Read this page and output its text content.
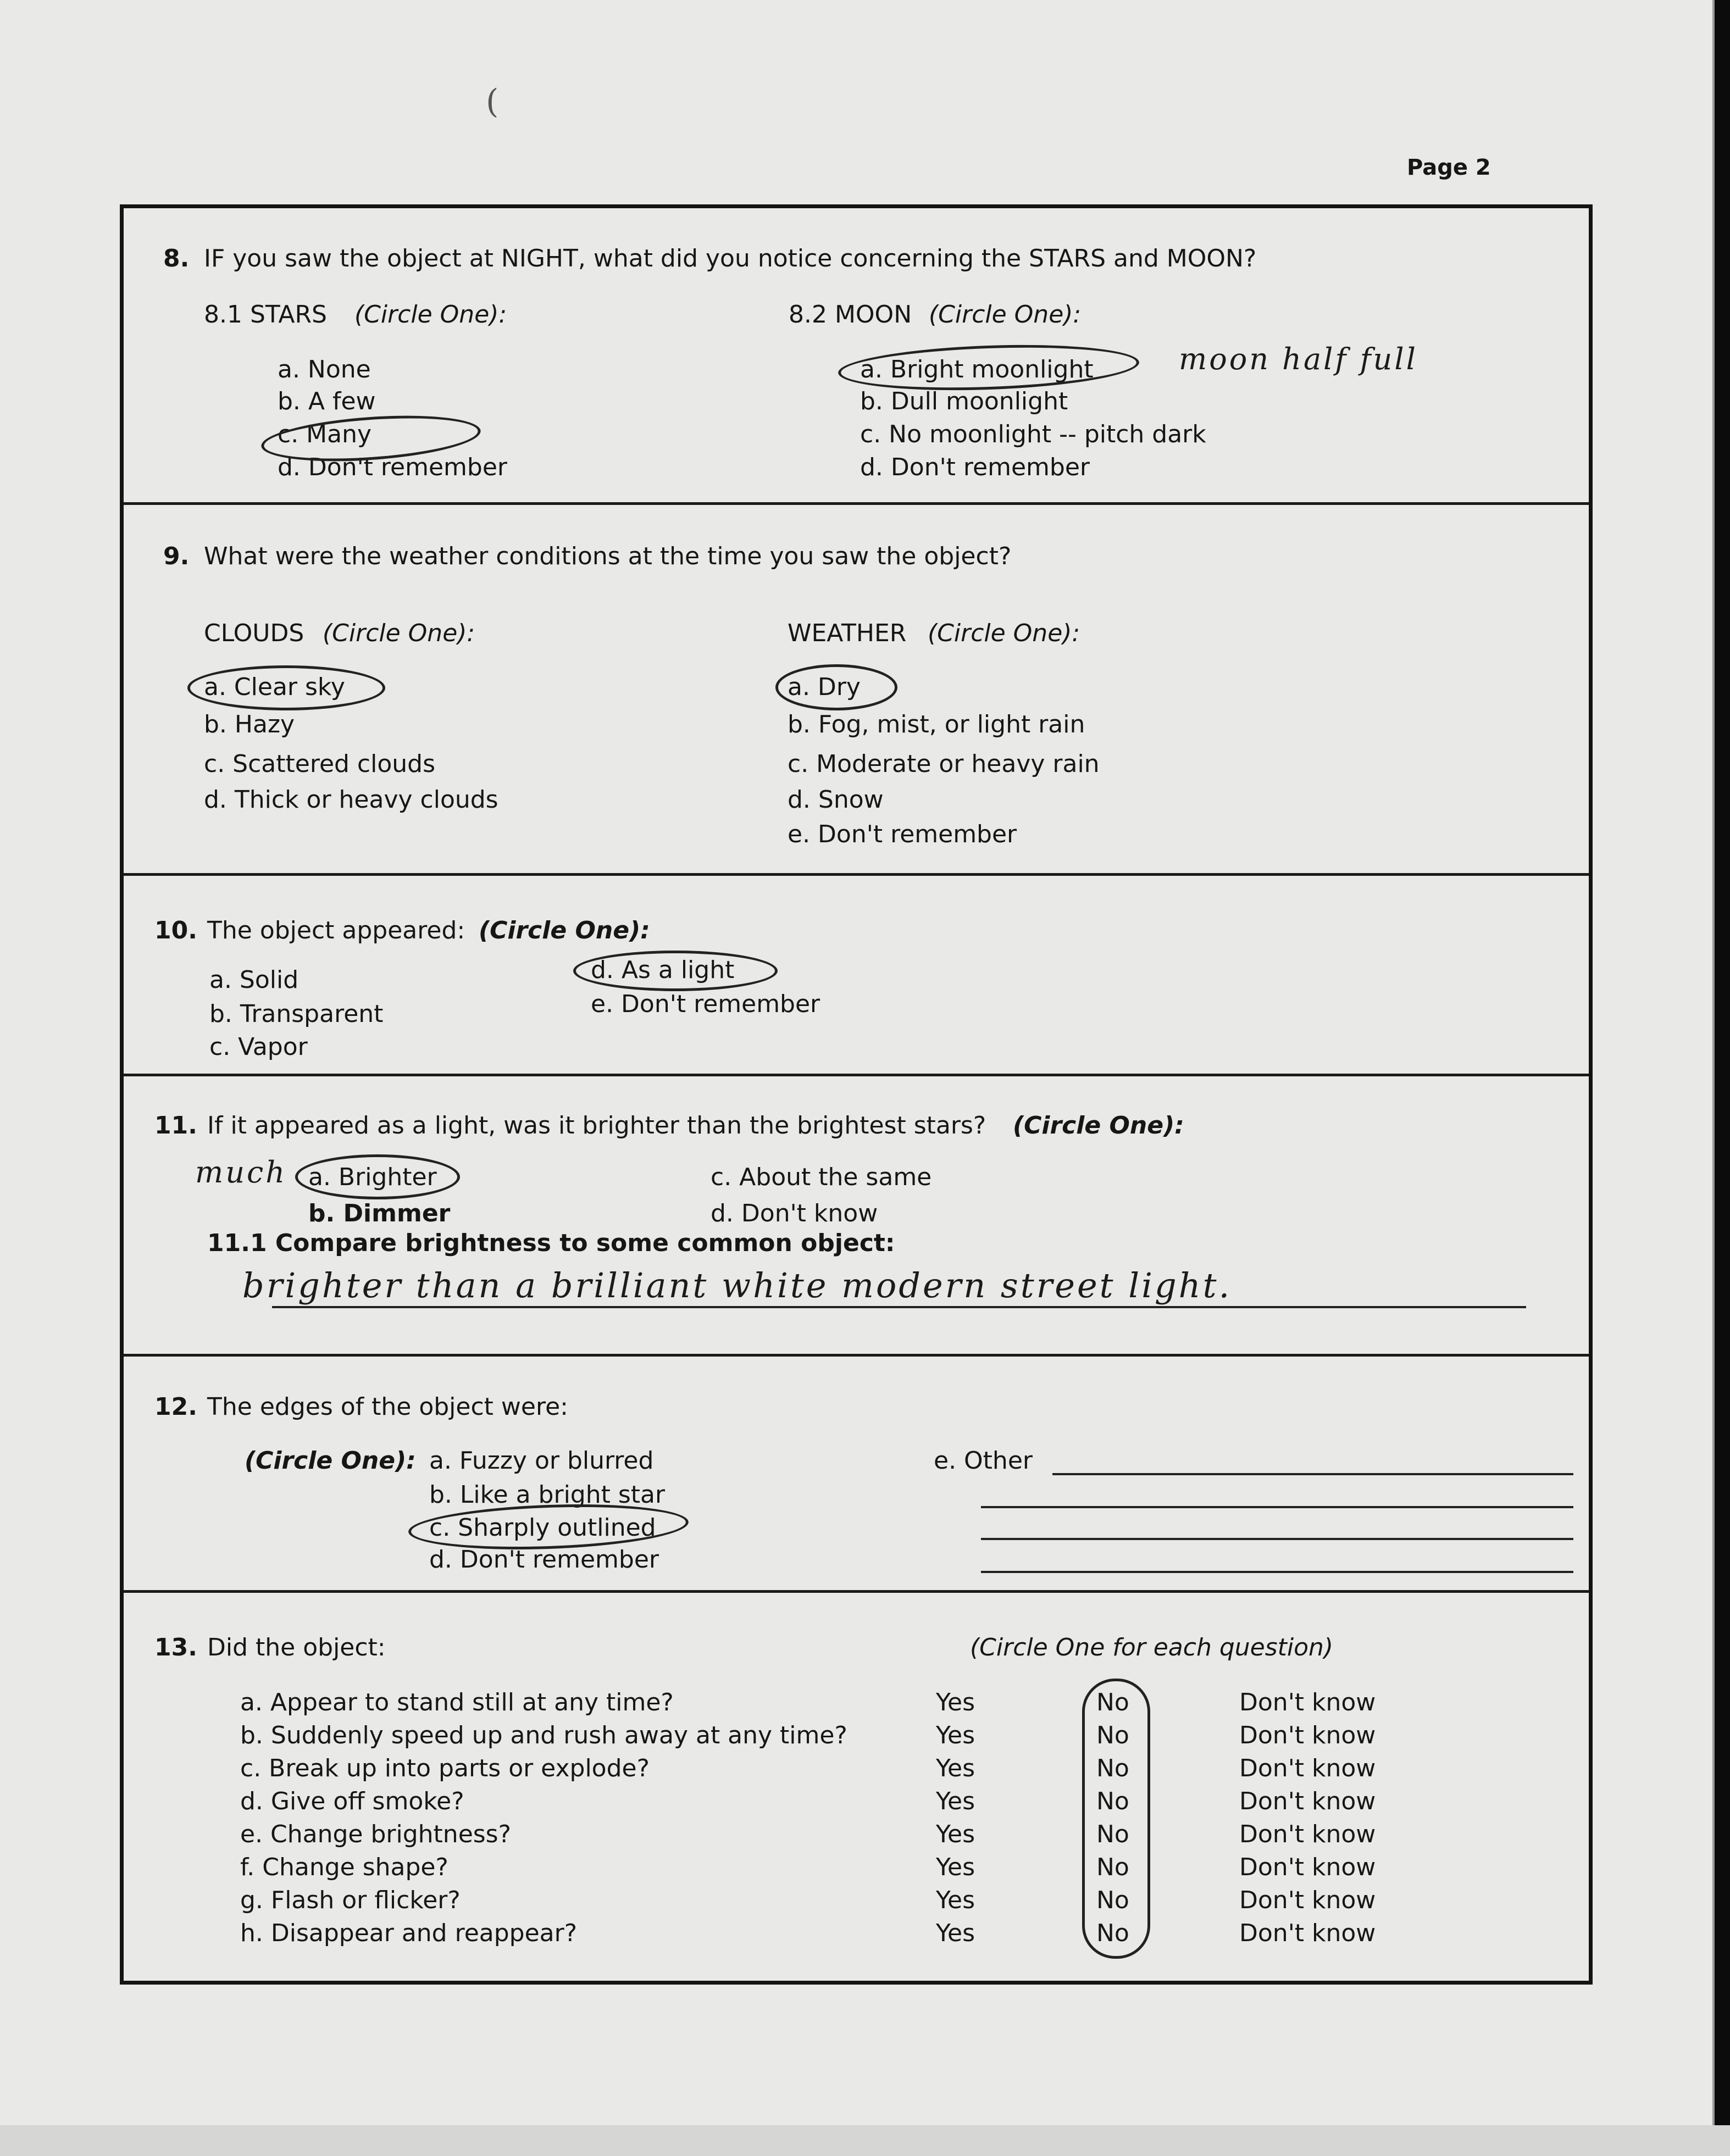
(
Page 2
8. IF you saw the object at NIGHT, what did you notice concerning the STARS and MOON?
8.1 STARS (Circle One):
a. None
b. A few
c. Many
d. Don't remember
8.2 MOON (Circle One):
a. Bright moonlight
b. Dull moonlight
c. No moonlight -- pitch dark
d. Don't remember
moon half full
9. What were the weather conditions at the time you saw the object?
CLOUDS (Circle One):
a. Clear sky
b. Hazy
c. Scattered clouds
d. Thick or heavy clouds
WEATHER (Circle One):
a. Dry
b. Fog, mist, or light rain
c. Moderate or heavy rain
d. Snow
e. Don't remember
10. The object appeared: (Circle One):
a. Solid
b. Transparent
c. Vapor
d. As a light
e. Don't remember
11. If it appeared as a light, was it brighter than the brightest stars? (Circle One):
much a. Brighter
b. Dimmer
c. About the same
d. Don't know
11.1 Compare brightness to some common object:
brighter than a brilliant white modern street light.
12. The edges of the object were:
(Circle One): a. Fuzzy or blurred
b. Like a bright star
c. Sharply outlined
d. Don't remember
e. Other
13. Did the object:	(Circle One for each question)
a. Appear to stand still at any time?
b. Suddenly speed up and rush away at any time?
c. Break up into parts or explode?
d. Give off smoke?
e. Change brightness?
f. Change shape?
g. Flash or flicker?
h. Disappear and reappear?
Yes
Yes
Yes
Yes
Yes
Yes
Yes
Yes
No
No
No
No
No
No
No
No
Don't know
Don't know
Don't know
Don't know
Don't know
Don't know
Don't know
Don't know
